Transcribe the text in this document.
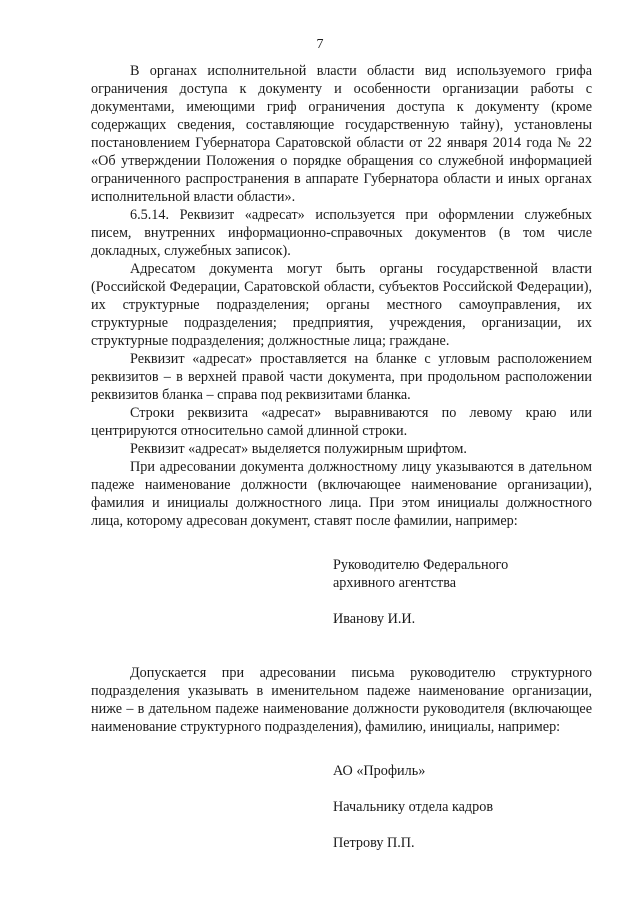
7

В органах исполнительной власти области вид используемого грифа ограничения доступа к документу и особенности организации работы с документами, имеющими гриф ограничения доступа к документу (кроме содержащих сведения, составляющие государственную тайну), установлены постановлением Губернатора Саратовской области от 22 января 2014 года № 22 «Об утверждении Положения о порядке обращения со служебной информацией ограниченного распространения в аппарате Губернатора области и иных органах исполнительной власти области».

6.5.14. Реквизит «адресат» используется при оформлении служебных писем, внутренних информационно-справочных документов (в том числе докладных, служебных записок).

Адресатом документа могут быть органы государственной власти (Российской Федерации, Саратовской области, субъектов Российской Федерации), их структурные подразделения; органы местного самоуправления, их структурные подразделения; предприятия, учреждения, организации, их структурные подразделения; должностные лица; граждане.

Реквизит «адресат» проставляется на бланке с угловым расположением реквизитов – в верхней правой части документа, при продольном расположении реквизитов бланка – справа под реквизитами бланка.

Строки реквизита «адресат» выравниваются по левому краю или центрируются относительно самой длинной строки.

Реквизит «адресат» выделяется полужирным шрифтом.

При адресовании документа должностному лицу указываются в дательном падеже наименование должности (включающее наименование организации), фамилия и инициалы должностного лица. При этом инициалы должностного лица, которому адресован документ, ставят после фамилии, например:

Руководителю Федерального
архивного агентства
Иванову И.И.

Допускается при адресовании письма руководителю структурного подразделения указывать в именительном падеже наименование организации, ниже – в дательном падеже наименование должности руководителя (включающее наименование структурного подразделения), фамилию, инициалы, например:

АО «Профиль»
Начальнику отдела кадров
Петрову П.П.
